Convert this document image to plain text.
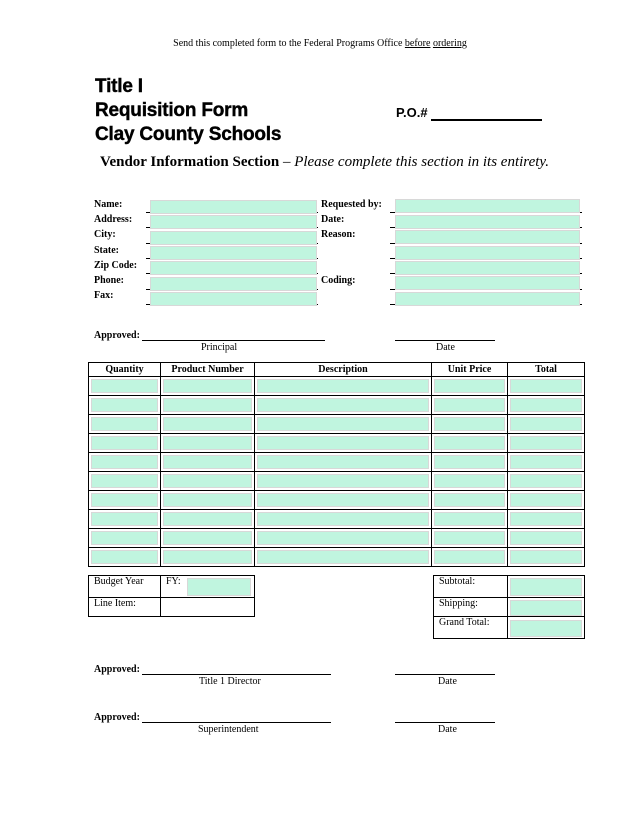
Send this completed form to the Federal Programs Office before ordering
Title I
Requisition Form
Clay County Schools
P.O.#
Vendor Information Section – Please complete this section in its entirety.
Name:
Address:
City:
State:
Zip Code:
Phone:
Fax:
Requested by:
Date:
Reason:
Coding:
Approved:
Principal	Date
Quantity	Product Number	Description	Unit Price	Total

Budget Year	FY:

Line Item:	
Subtotal:	

Shipping:	

Grand Total:	
Approved:
Title 1 Director	Date
Approved:
Superintendent	Date
